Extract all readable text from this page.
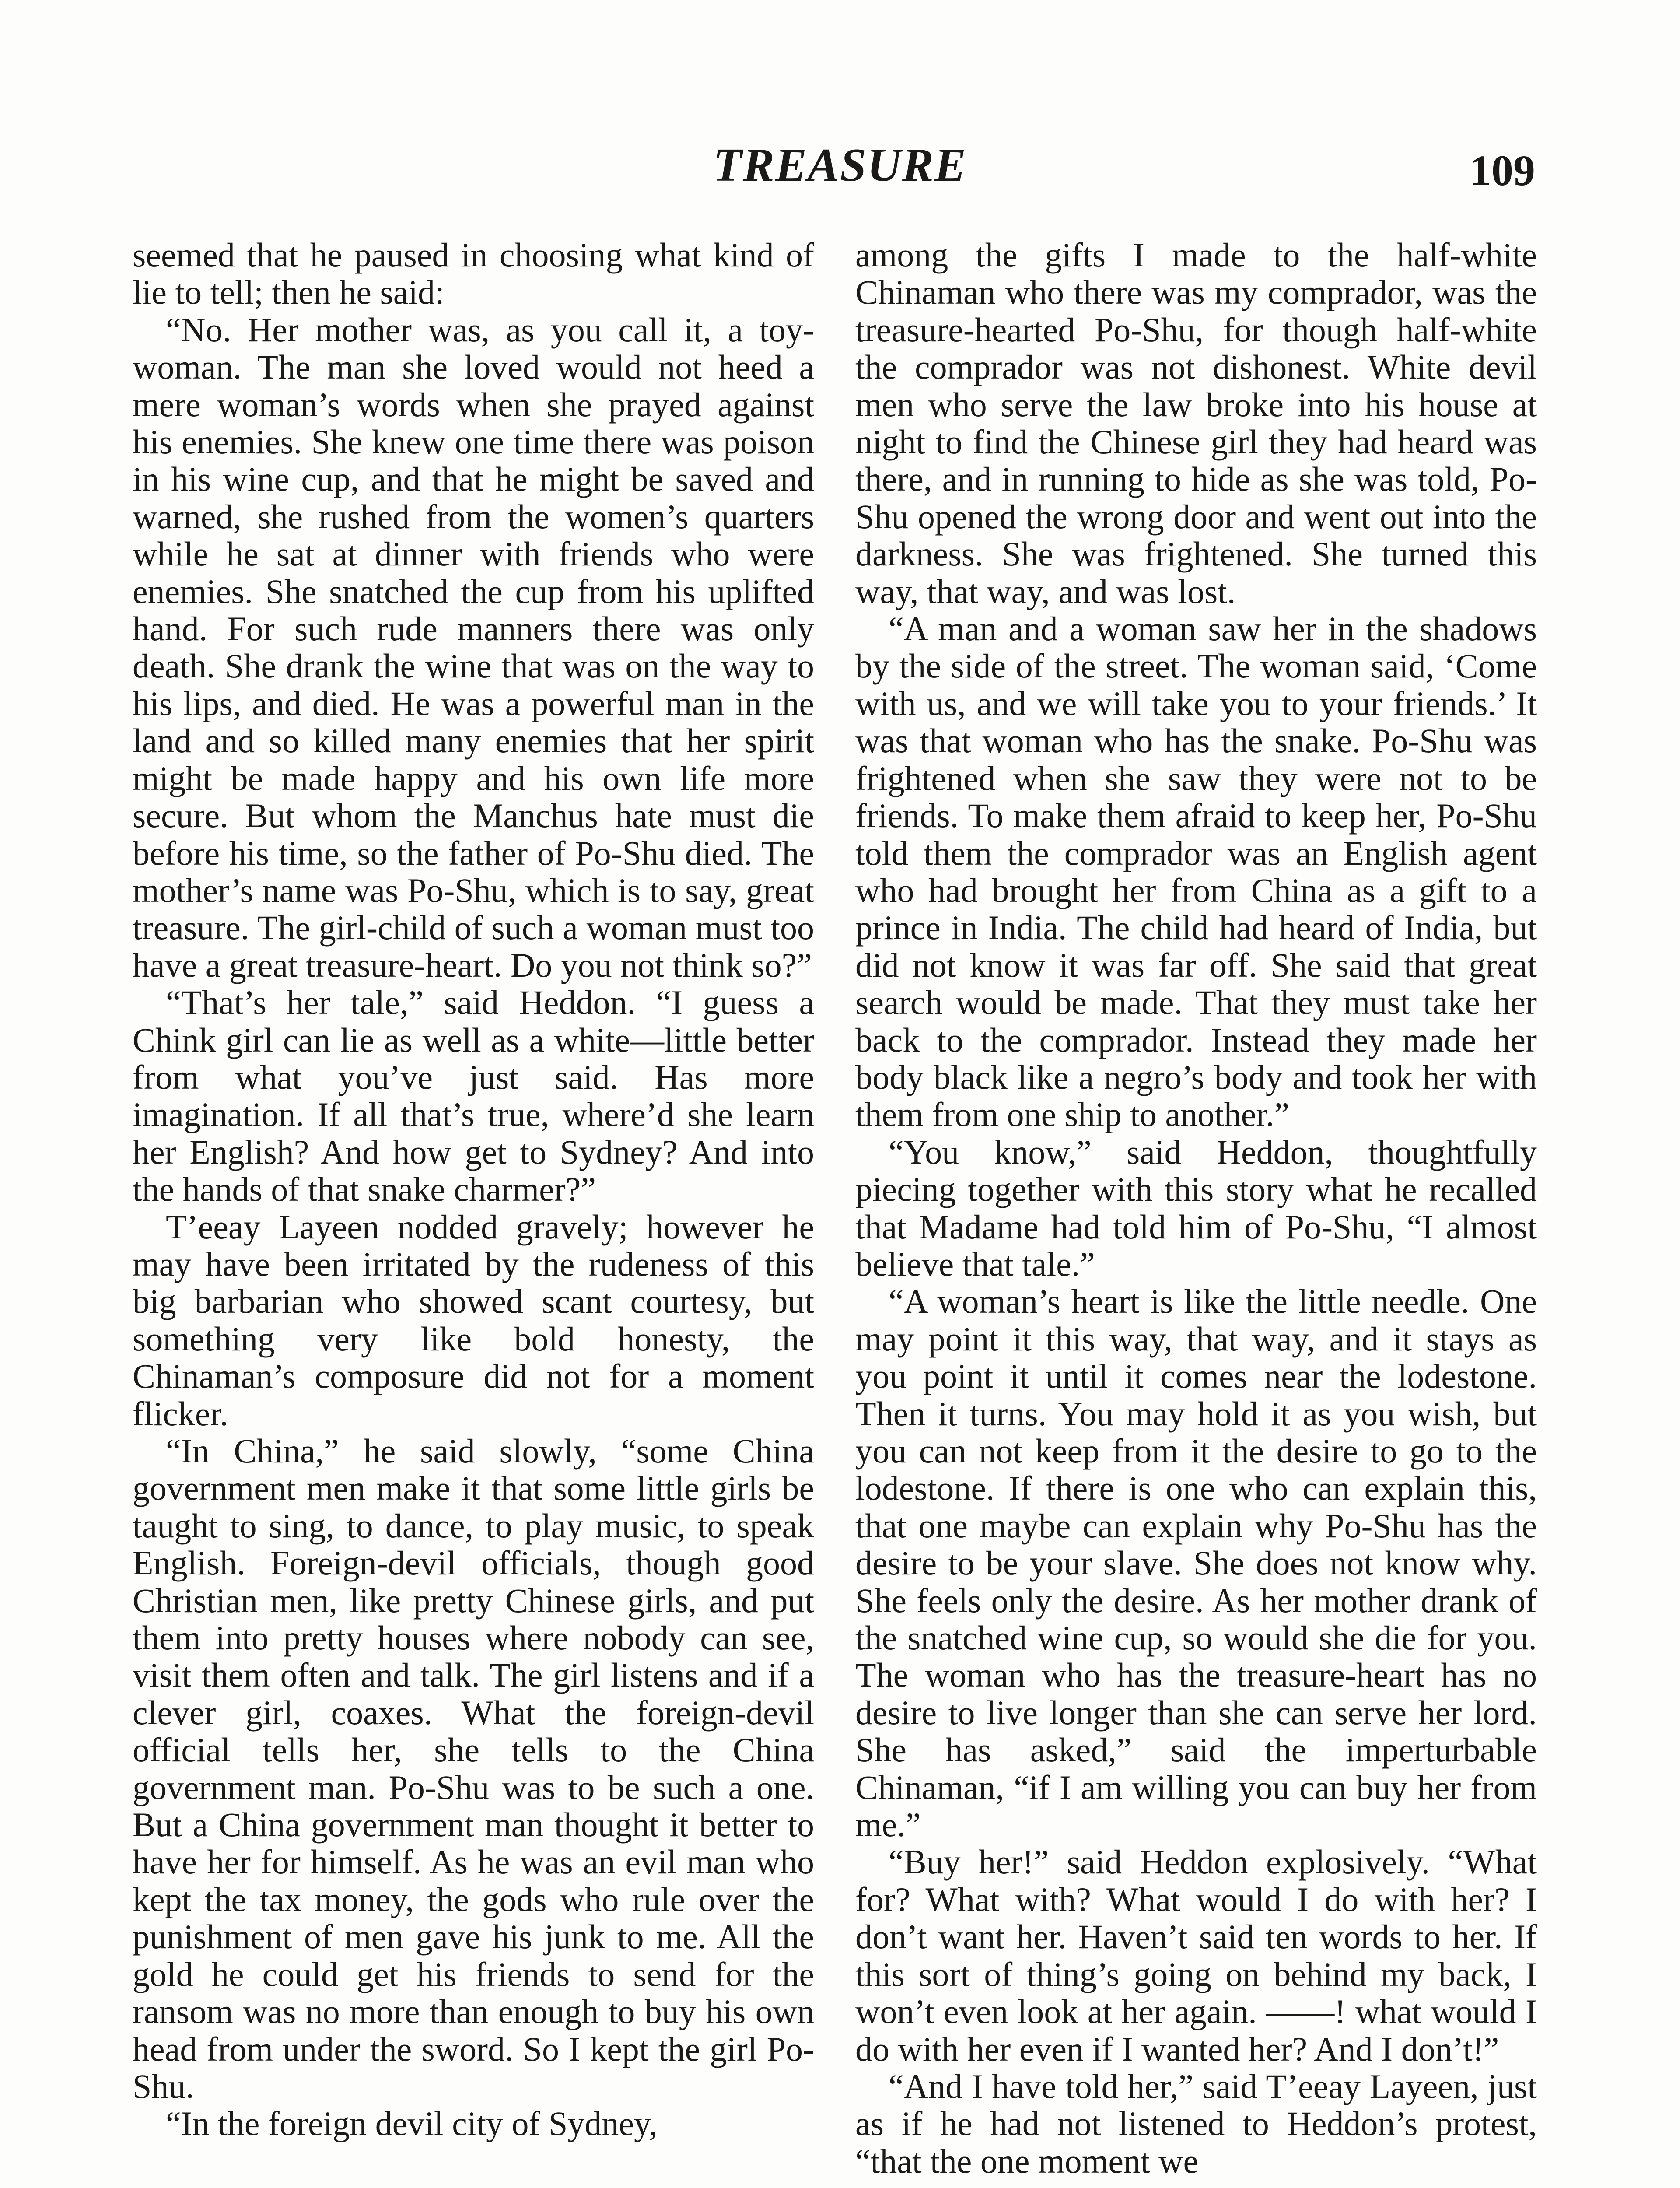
TREASURE	109

seemed that he paused in choosing what kind of lie to tell; then he said:

“No. Her mother was, as you call it, a toy-woman. The man she loved would not heed a mere woman’s words when she prayed against his enemies. She knew one time there was poison in his wine cup, and that he might be saved and warned, she rushed from the women’s quarters while he sat at dinner with friends who were enemies. She snatched the cup from his uplifted hand. For such rude manners there was only death. She drank the wine that was on the way to his lips, and died. He was a powerful man in the land and so killed many enemies that her spirit might be made happy and his own life more secure. But whom the Manchus hate must die before his time, so the father of Po-Shu died. The mother’s name was Po-Shu, which is to say, great treasure. The girl-child of such a woman must too have a great treasure-heart. Do you not think so?”

“That’s her tale,” said Heddon. “I guess a Chink girl can lie as well as a white—little better from what you’ve just said. Has more imagination. If all that’s true, where’d she learn her English? And how get to Sydney? And into the hands of that snake charmer?”

T’eeay Layeen nodded gravely; however he may have been irritated by the rudeness of this big barbarian who showed scant courtesy, but something very like bold honesty, the Chinaman’s composure did not for a moment flicker.

“In China,” he said slowly, “some China government men make it that some little girls be taught to sing, to dance, to play music, to speak English. Foreign-devil officials, though good Christian men, like pretty Chinese girls, and put them into pretty houses where nobody can see, visit them often and talk. The girl listens and if a clever girl, coaxes. What the foreign-devil official tells her, she tells to the China government man. Po-Shu was to be such a one. But a China government man thought it better to have her for himself. As he was an evil man who kept the tax money, the gods who rule over the punishment of men gave his junk to me. All the gold he could get his friends to send for the ransom was no more than enough to buy his own head from under the sword. So I kept the girl Po-Shu.

“In the foreign devil city of Sydney,

among the gifts I made to the half-white Chinaman who there was my comprador, was the treasure-hearted Po-Shu, for though half-white the comprador was not dishonest. White devil men who serve the law broke into his house at night to find the Chinese girl they had heard was there, and in running to hide as she was told, Po-Shu opened the wrong door and went out into the darkness. She was frightened. She turned this way, that way, and was lost.

“A man and a woman saw her in the shadows by the side of the street. The woman said, ‘Come with us, and we will take you to your friends.’ It was that woman who has the snake. Po-Shu was frightened when she saw they were not to be friends. To make them afraid to keep her, Po-Shu told them the comprador was an English agent who had brought her from China as a gift to a prince in India. The child had heard of India, but did not know it was far off. She said that great search would be made. That they must take her back to the comprador. Instead they made her body black like a negro’s body and took her with them from one ship to another.”

“You know,” said Heddon, thoughtfully piecing together with this story what he recalled that Madame had told him of Po-Shu, “I almost believe that tale.”

“A woman’s heart is like the little needle. One may point it this way, that way, and it stays as you point it until it comes near the lodestone. Then it turns. You may hold it as you wish, but you can not keep from it the desire to go to the lodestone. If there is one who can explain this, that one maybe can explain why Po-Shu has the desire to be your slave. She does not know why. She feels only the desire. As her mother drank of the snatched wine cup, so would she die for you. The woman who has the treasure-heart has no desire to live longer than she can serve her lord. She has asked,” said the imperturbable Chinaman, “if I am willing you can buy her from me.”

“Buy her!” said Heddon explosively. “What for? What with? What would I do with her? I don’t want her. Haven’t said ten words to her. If this sort of thing’s going on behind my back, I won’t even look at her again. ——! what would I do with her even if I wanted her? And I don’t!”

“And I have told her,” said T’eeay Layeen, just as if he had not listened to Heddon’s protest, “that the one moment we
